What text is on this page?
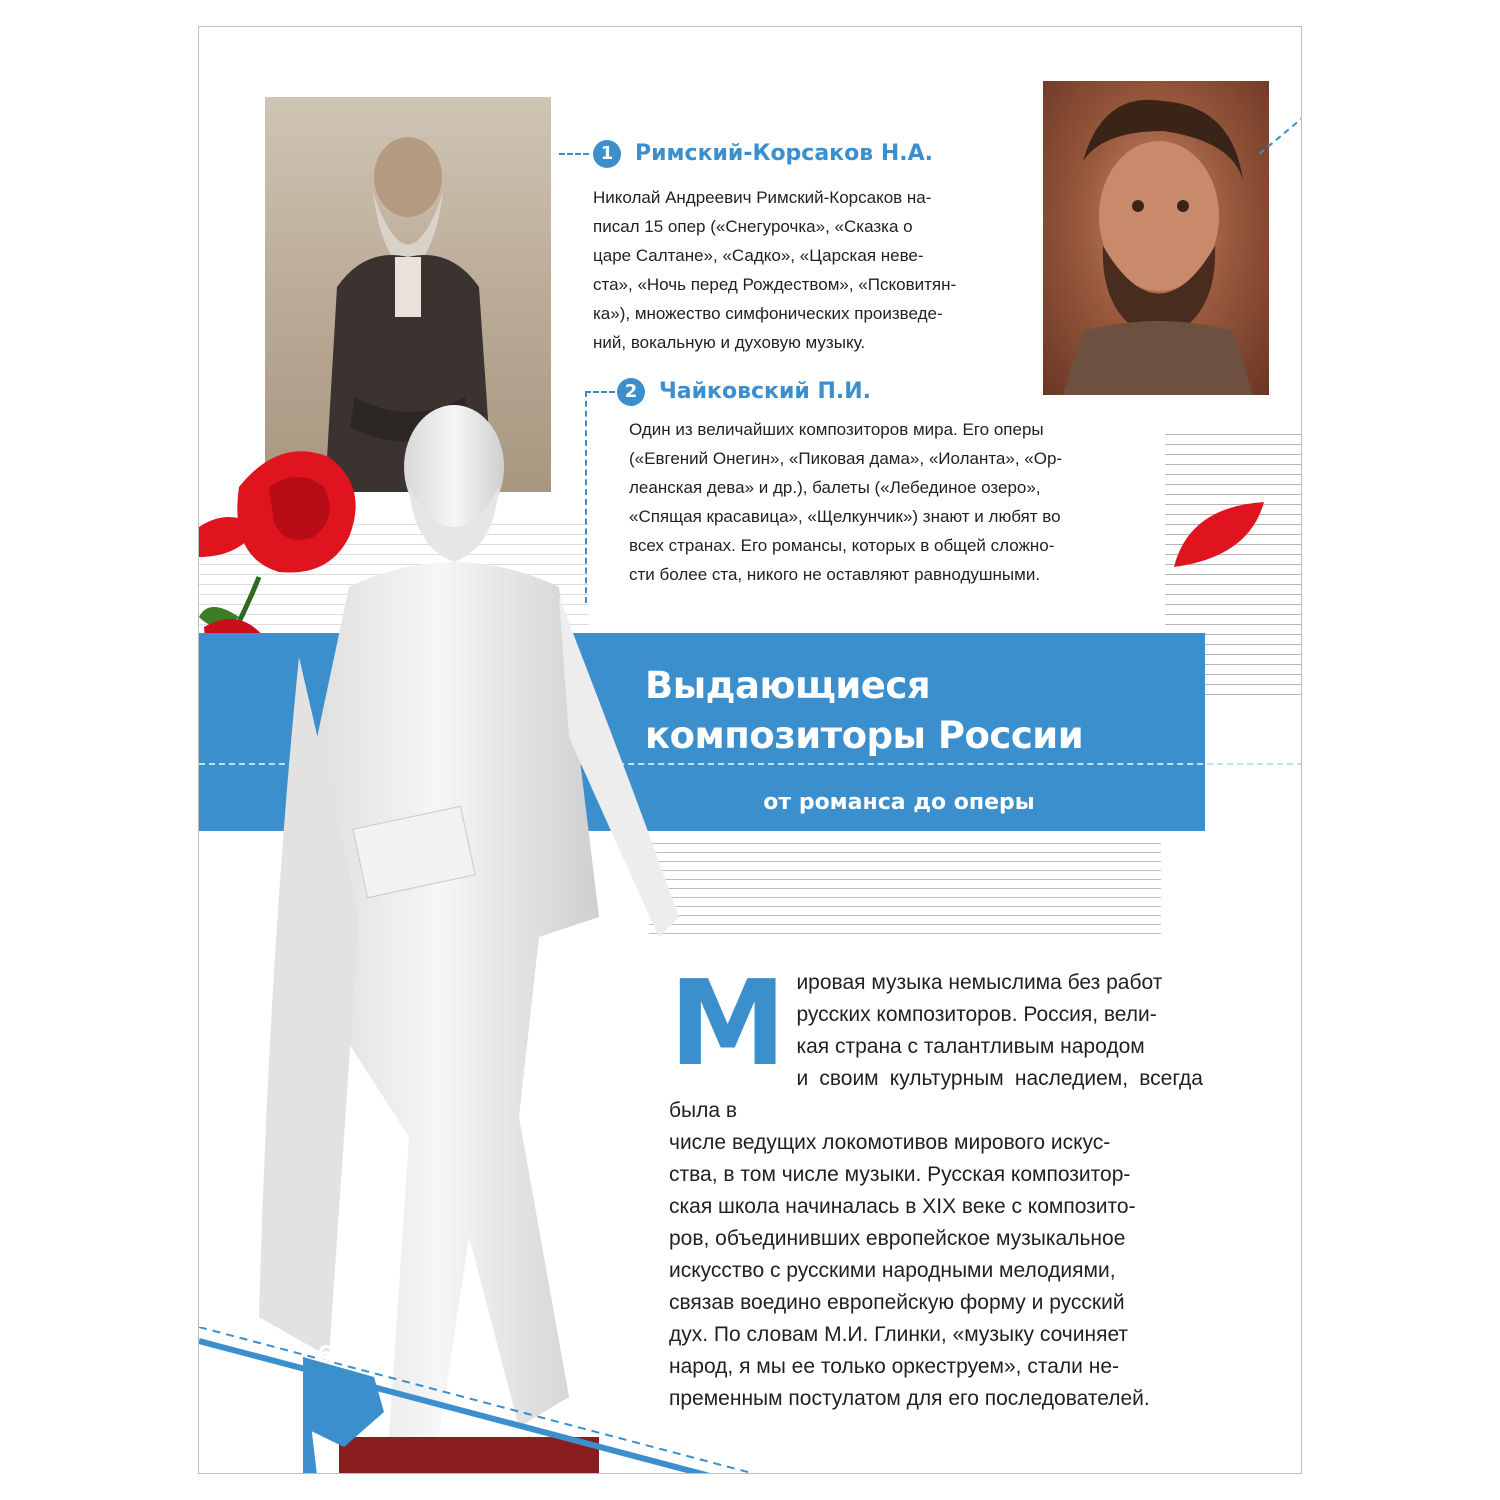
Выдающиеся
композиторы России
от романса до оперы
1 Римский-Корсаков Н.А.
Николай Андреевич Римский-Корсаков на-
писал 15 опер («Снегурочка», «Сказка о
царе Салтане», «Садко», «Царская неве-
ста», «Ночь перед Рождеством», «Псковитян-
ка»), множество симфонических произведе-
ний, вокальную и духовую музыку.
2 Чайковский П.И.
Один из величайших композиторов мира. Его оперы
(«Евгений Онегин», «Пиковая дама», «Иоланта», «Ор-
леанская дева» и др.), балеты («Лебединое озеро»,
«Спящая красавица», «Щелкунчик») знают и любят во
всех странах. Его романсы, которых в общей сложно-
сти более ста, никого не оставляют равнодушными.
М ировая музыка немыслима без работ
русских композиторов. Россия, вели-
кая страна с талантливым народом
и своим культурным наследием, всегда была в
числе ведущих локомотивов мирового искус-
ства, в том числе музыки. Русская композитор-
ская школа начиналась в XIX веке с композито-
ров, объединивших европейское музыкальное
искусство с русскими народными мелодиями,
связав воедино европейскую форму и русский
дух. По словам М.И. Глинки, «музыку сочиняет
народ, я мы ее только оркеструем», стали не-
пременным постулатом для его последователей.
66
